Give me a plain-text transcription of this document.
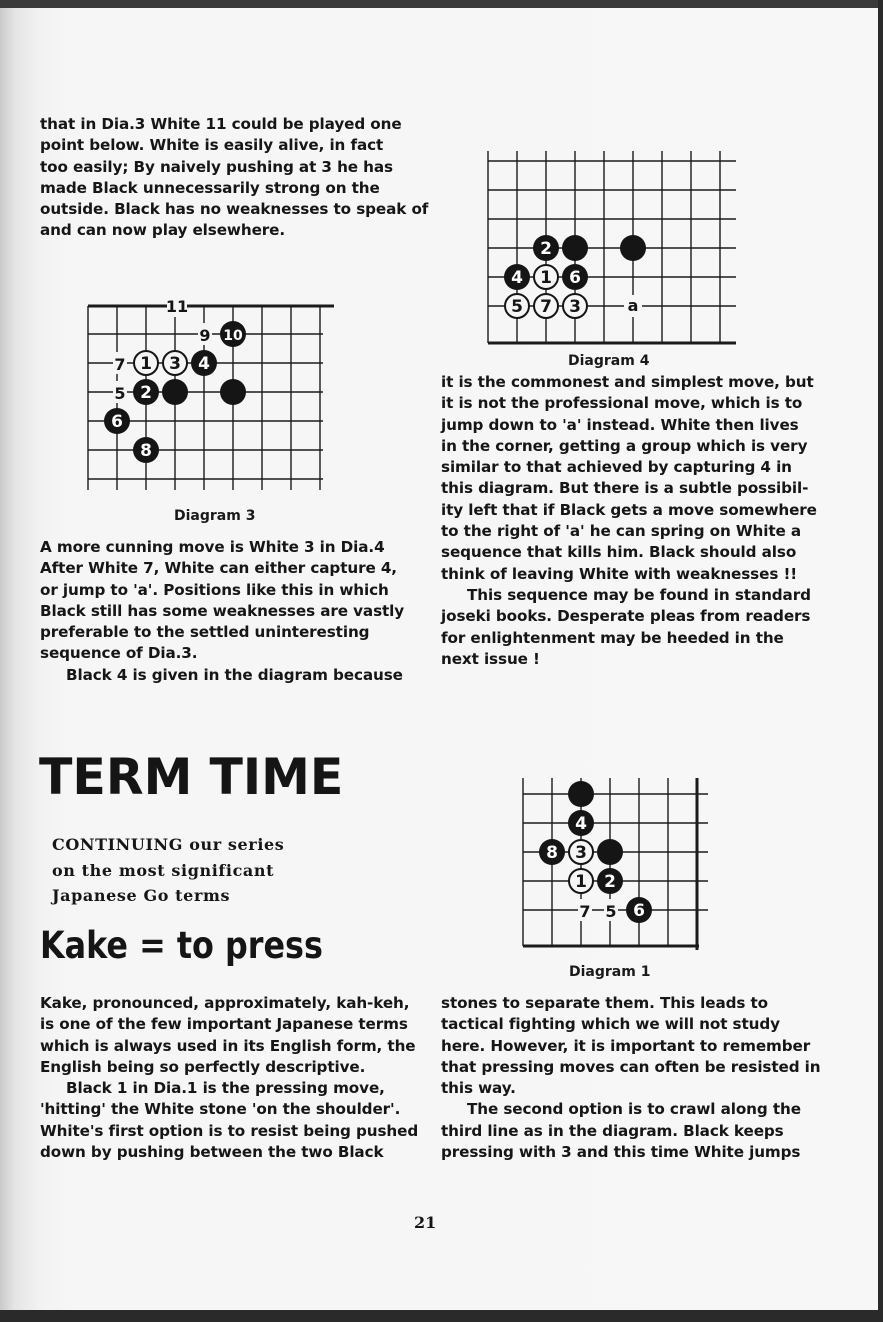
that in Dia.3 White 11 could be played one

point below. White is easily alive, in fact

too easily; By naively pushing at 3 he has

made Black unnecessarily strong on the

outside. Black has no weaknesses to speak of

and can now play elsewhere.

2
4 1 6
5 7 3	a
Diagram 4
11
9 10
7 1 3 4
5 2
6
8
Diagram 3

it is the commonest and simplest move, but

it is not the professional move, which is to

jump down to 'a' instead. White then lives

in the corner, getting a group which is very

similar to that achieved by capturing 4 in

this diagram. But there is a subtle possibil-

ity left that if Black gets a move somewhere

to the right of 'a' he can spring on White a

sequence that kills him. Black should also

think of leaving White with weaknesses !!

This sequence may be found in standard

joseki books. Desperate pleas from readers

for enlightenment may be heeded in the

next issue !

A more cunning move is White 3 in Dia.4

After White 7, White can either capture 4,

or jump to 'a'. Positions like this in which

Black still has some weaknesses are vastly

preferable to the settled uninteresting

sequence of Dia.3.

Black 4 is given in the diagram because

TERM TIME

CONTINUING our series

on the most significant

Japanese Go terms

Kake = to press
4
8 3
1 2
7 5 6
Diagram 1

Kake, pronounced, approximately, kah-keh,

is one of the few important Japanese terms

which is always used in its English form, the

English being so perfectly descriptive.

Black 1 in Dia.1 is the pressing move,

'hitting' the White stone 'on the shoulder'.

White's first option is to resist being pushed

down by pushing between the two Black

stones to separate them. This leads to

tactical fighting which we will not study

here. However, it is important to remember

that pressing moves can often be resisted in

this way.

The second option is to crawl along the

third line as in the diagram. Black keeps

pressing with 3 and this time White jumps

21
